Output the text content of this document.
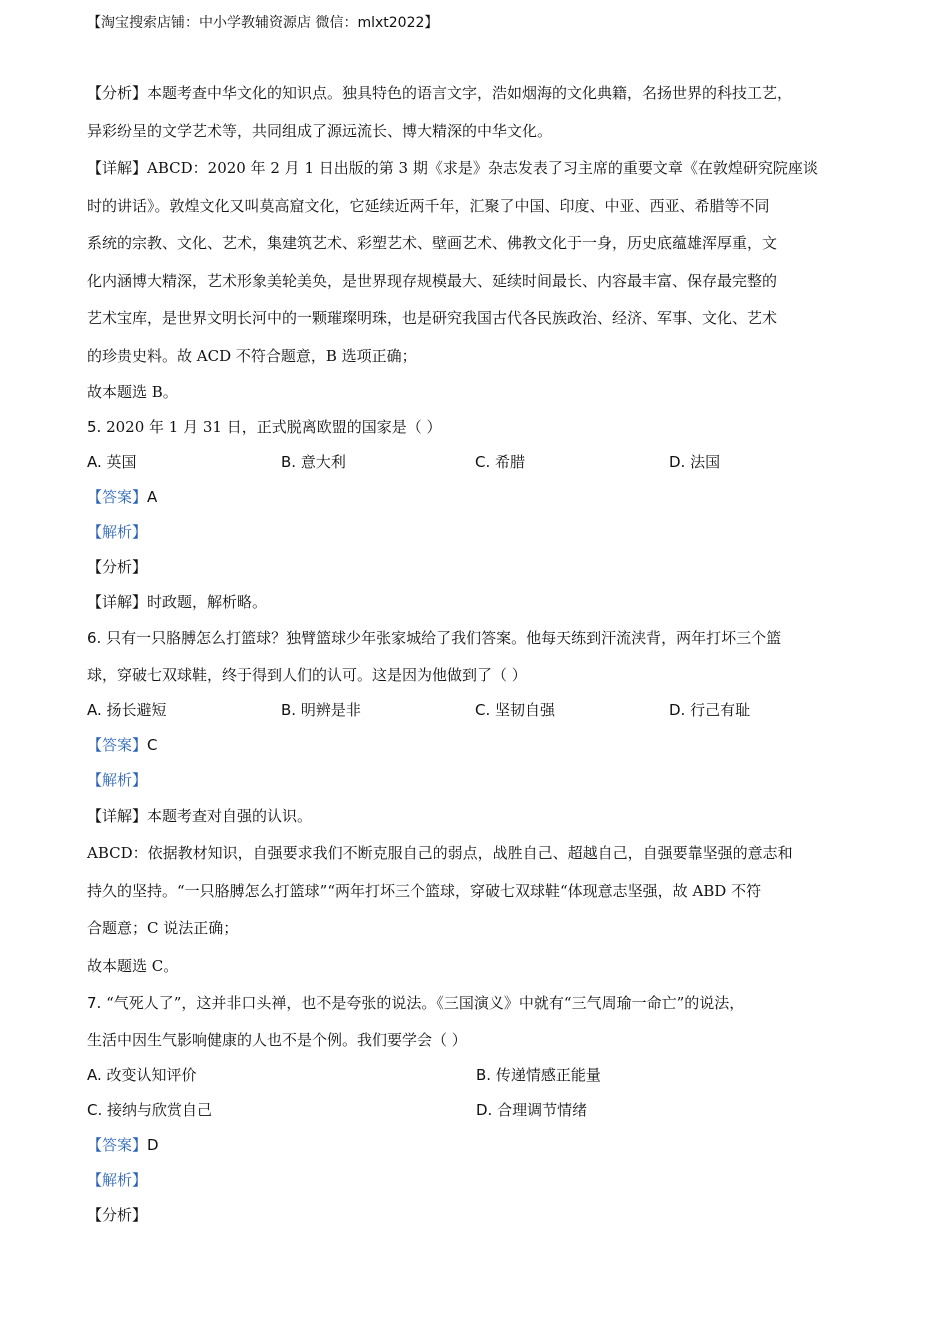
【淘宝搜索店铺：中小学教辅资源店 微信：mlxt2022】

【分析】本题考查中华文化的知识点。独具特色的语言文字，浩如烟海的文化典籍，名扬世界的科技工艺，

异彩纷呈的文学艺术等，共同组成了源远流长、博大精深的中华文化。

【详解】ABCD：2020 年 2 月 1 日出版的第 3 期《求是》杂志发表了习主席的重要文章《在敦煌研究院座谈

时的讲话》。敦煌文化又叫莫高窟文化，它延续近两千年，汇聚了中国、印度、中亚、西亚、希腊等不同

系统的宗教、文化、艺术，集建筑艺术、彩塑艺术、壁画艺术、佛教文化于一身，历史底蕴雄浑厚重，文

化内涵博大精深，艺术形象美轮美奂，是世界现存规模最大、延续时间最长、内容最丰富、保存最完整的

艺术宝库，是世界文明长河中的一颗璀璨明珠，也是研究我国古代各民族政治、经济、军事、文化、艺术

的珍贵史料。故 ACD 不符合题意，B 选项正确；

故本题选 B。

5. 2020 年 1 月 31 日，正式脱离欧盟的国家是（ ）

A. 英国	B. 意大利	C. 希腊	D. 法国

【答案】A

【解析】

【分析】

【详解】时政题，解析略。

6. 只有一只胳膊怎么打篮球？独臂篮球少年张家城给了我们答案。他每天练到汗流浃背，两年打坏三个篮

球，穿破七双球鞋，终于得到人们的认可。这是因为他做到了（ ）

A. 扬长避短	B. 明辨是非	C. 坚韧自强	D. 行己有耻

【答案】C

【解析】

【详解】本题考查对自强的认识。

ABCD：依据教材知识，自强要求我们不断克服自己的弱点，战胜自己、超越自己，自强要靠坚强的意志和

持久的坚持。“一只胳膊怎么打篮球”“两年打坏三个篮球，穿破七双球鞋“体现意志坚强，故 ABD 不符

合题意；C 说法正确；

故本题选 C。

7. “气死人了”，这并非口头禅，也不是夸张的说法。《三国演义》中就有“三气周瑜一命亡”的说法，

生活中因生气影响健康的人也不是个例。我们要学会（ ）

A. 改变认知评价	B. 传递情感正能量
C. 接纳与欣赏自己	D. 合理调节情绪

【答案】D

【解析】

【分析】
